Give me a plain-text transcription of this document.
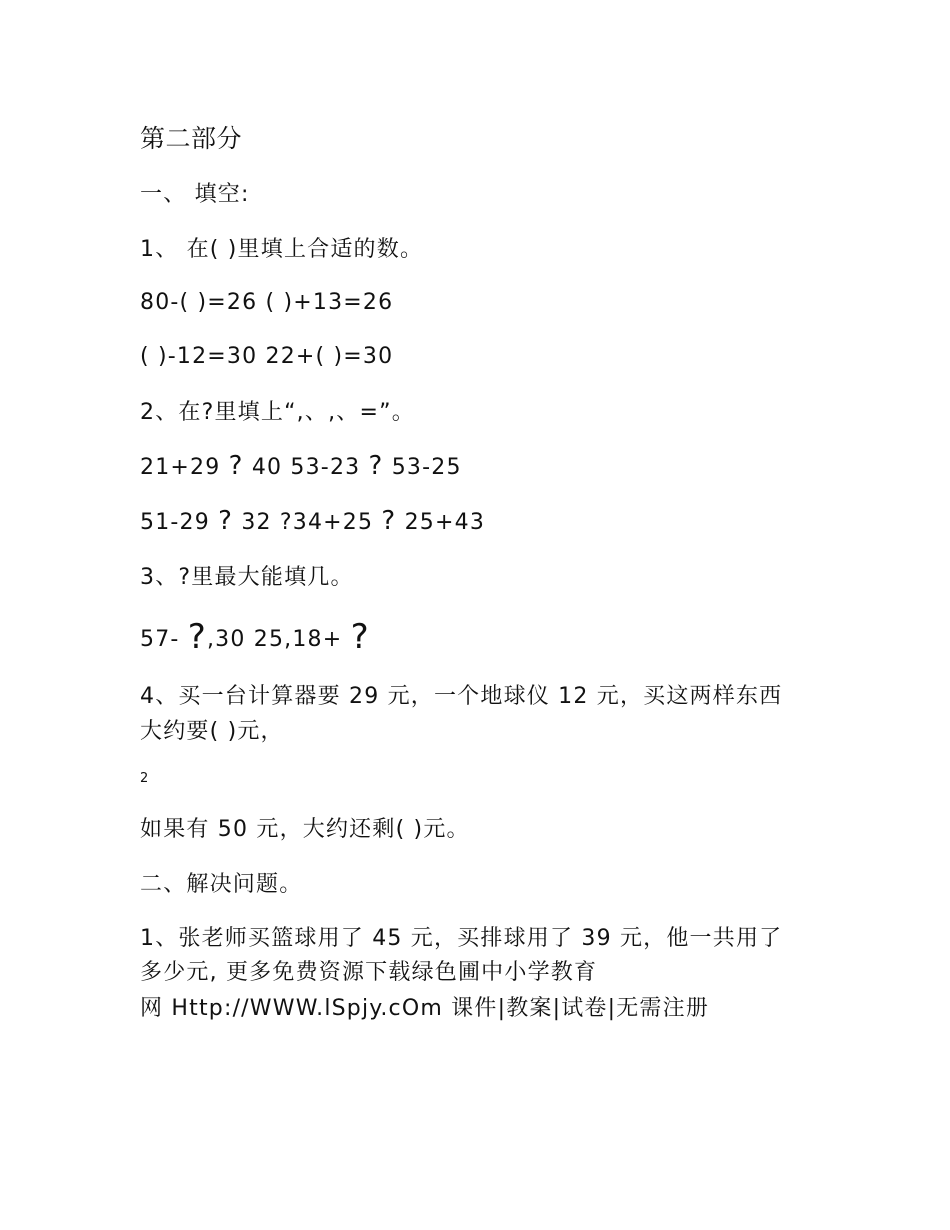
第二部分
一、 填空:
1、 在( )里填上合适的数。
80-( )=26 ( )+13=26
( )-12=30 22+( )=30
2、在?里填上“,、,、=”。
21+29 ? 40 53-23 ? 53-25
51-29 ? 32 ?34+25 ? 25+43
3、?里最大能填几。
57- ?,30 25,18+ ?
4、买一台计算器要 29 元，一个地球仪 12 元，买这两样东西
大约要( )元，
2
如果有 50 元，大约还剩( )元。
二、解决问题。
1、张老师买篮球用了 45 元，买排球用了 39 元，他一共用了
多少元, 更多免费资源下载绿色圃中小学教育
网 Http://WWW.lSpjy.cOm 课件|教案|试卷|无需注册
